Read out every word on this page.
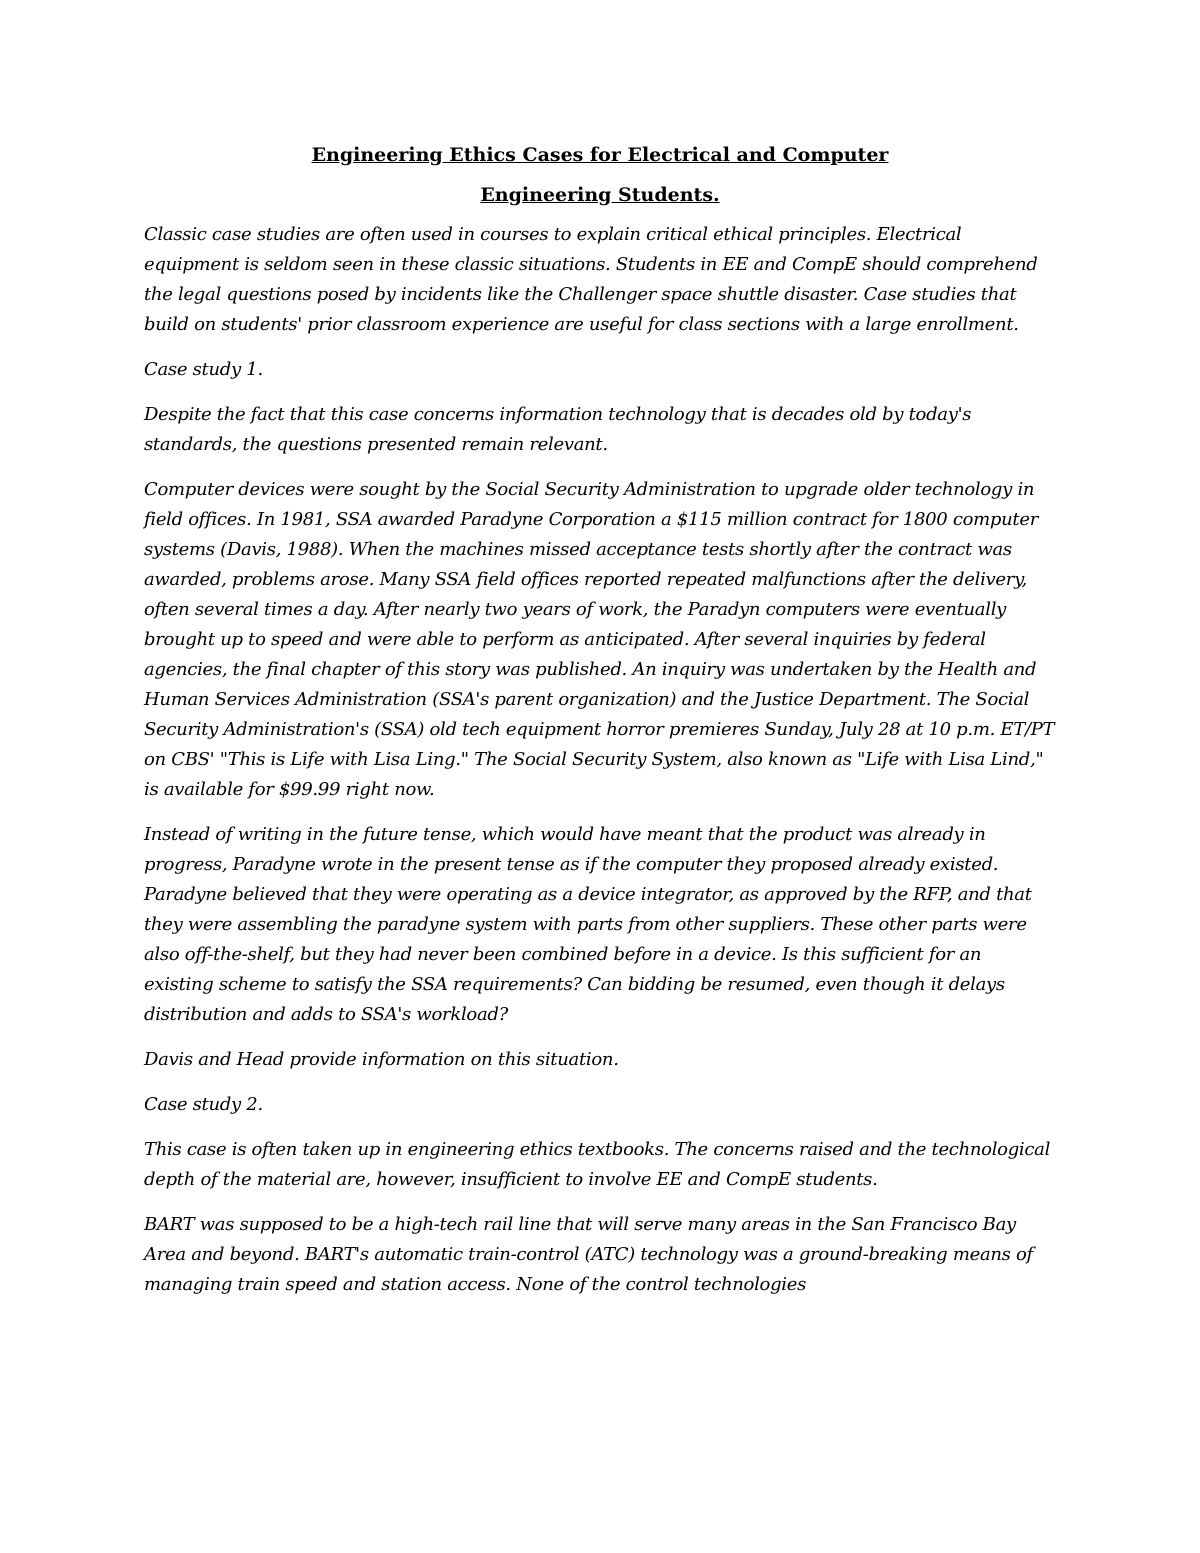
Engineering Ethics Cases for Electrical and Computer
Engineering Students.

Classic case studies are often used in courses to explain critical ethical principles. Electrical equipment is seldom seen in these classic situations. Students in EE and CompE should comprehend the legal questions posed by incidents like the Challenger space shuttle disaster. Case studies that build on students' prior classroom experience are useful for class sections with a large enrollment.

Case study 1.

Despite the fact that this case concerns information technology that is decades old by today's standards, the questions presented remain relevant.

Computer devices were sought by the Social Security Administration to upgrade older technology in field offices. In 1981, SSA awarded Paradyne Corporation a $115 million contract for 1800 computer systems (Davis, 1988). When the machines missed acceptance tests shortly after the contract was awarded, problems arose. Many SSA field offices reported repeated malfunctions after the delivery, often several times a day. After nearly two years of work, the Paradyn computers were eventually brought up to speed and were able to perform as anticipated. After several inquiries by federal agencies, the final chapter of this story was published. An inquiry was undertaken by the Health and Human Services Administration (SSA's parent organization) and the Justice Department. The Social Security Administration's (SSA) old tech equipment horror premieres Sunday, July 28 at 10 p.m. ET/PT on CBS' "This is Life with Lisa Ling." The Social Security System, also known as "Life with Lisa Lind," is available for $99.99 right now.

Instead of writing in the future tense, which would have meant that the product was already in progress, Paradyne wrote in the present tense as if the computer they proposed already existed. Paradyne believed that they were operating as a device integrator, as approved by the RFP, and that they were assembling the paradyne system with parts from other suppliers. These other parts were also off-the-shelf, but they had never been combined before in a device. Is this sufficient for an existing scheme to satisfy the SSA requirements? Can bidding be resumed, even though it delays distribution and adds to SSA's workload?

Davis and Head provide information on this situation.

Case study 2.

This case is often taken up in engineering ethics textbooks. The concerns raised and the technological depth of the material are, however, insufficient to involve EE and CompE students.

BART was supposed to be a high-tech rail line that will serve many areas in the San Francisco Bay Area and beyond. BART's automatic train-control (ATC) technology was a ground-breaking means of managing train speed and station access. None of the control technologies
